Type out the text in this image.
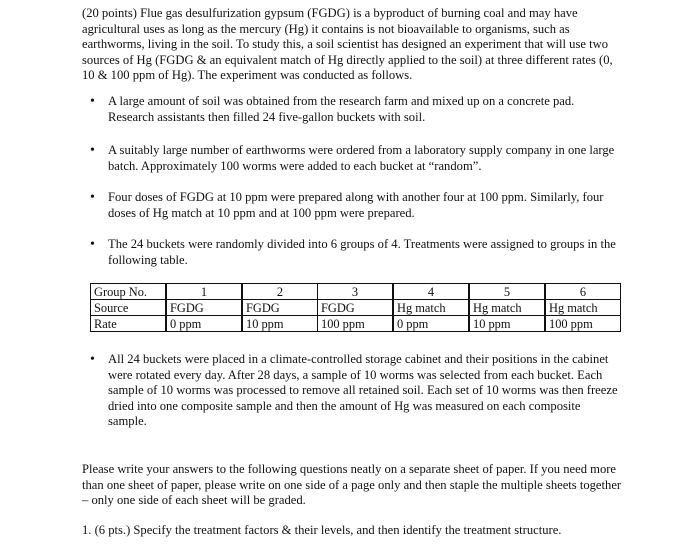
(20 points) Flue gas desulfurization gypsum (FGDG) is a byproduct of burning coal and may have agricultural uses as long as the mercury (Hg) it contains is not bioavailable to organisms, such as earthworms, living in the soil. To study this, a soil scientist has designed an experiment that will use two sources of Hg (FGDG & an equivalent match of Hg directly applied to the soil) at three different rates (0, 10 & 100 ppm of Hg). The experiment was conducted as follows.

• A large amount of soil was obtained from the research farm and mixed up on a concrete pad. Research assistants then filled 24 five-gallon buckets with soil.
• A suitably large number of earthworms were ordered from a laboratory supply company in one large batch. Approximately 100 worms were added to each bucket at “random”.
• Four doses of FGDG at 10 ppm were prepared along with another four at 100 ppm. Similarly, four doses of Hg match at 10 ppm and at 100 ppm were prepared.
• The 24 buckets were randomly divided into 6 groups of 4. Treatments were assigned to groups in the following table.
Group No.	1	2	3	4	5	6
Source	FGDG	FGDG	FGDG	Hg match	Hg match	Hg match
Rate	0 ppm	10 ppm	100 ppm	0 ppm	10 ppm	100 ppm
• All 24 buckets were placed in a climate-controlled storage cabinet and their positions in the cabinet were rotated every day. After 28 days, a sample of 10 worms was selected from each bucket. Each sample of 10 worms was processed to remove all retained soil. Each set of 10 worms was then freeze dried into one composite sample and then the amount of Hg was measured on each composite sample.

Please write your answers to the following questions neatly on a separate sheet of paper. If you need more than one sheet of paper, please write on one side of a page only and then staple the multiple sheets together – only one side of each sheet will be graded.

1. (6 pts.) Specify the treatment factors & their levels, and then identify the treatment structure.
